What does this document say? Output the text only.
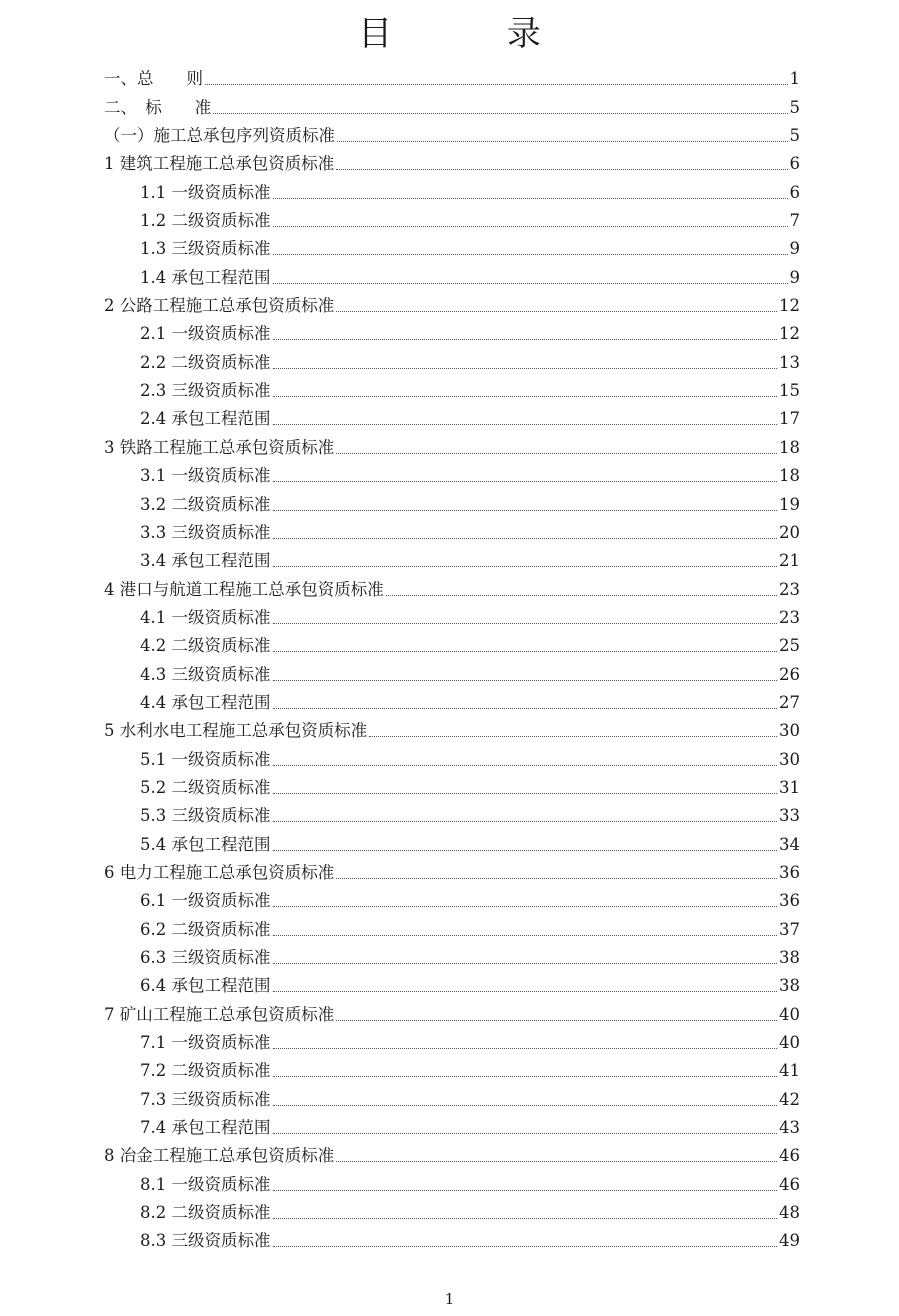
目 录
一、总　　则	1
二、　标　　准	5
（一）施工总承包序列资质标准	5
1 建筑工程施工总承包资质标准	6
1.1 一级资质标准	6
1.2 二级资质标准	7
1.3 三级资质标准	9
1.4 承包工程范围	9
2 公路工程施工总承包资质标准	12
2.1 一级资质标准	12
2.2 二级资质标准	13
2.3 三级资质标准	15
2.4 承包工程范围	17
3 铁路工程施工总承包资质标准	18
3.1 一级资质标准	18
3.2 二级资质标准	19
3.3 三级资质标准	20
3.4 承包工程范围	21
4 港口与航道工程施工总承包资质标准	23
4.1 一级资质标准	23
4.2 二级资质标准	25
4.3 三级资质标准	26
4.4 承包工程范围	27
5 水利水电工程施工总承包资质标准	30
5.1 一级资质标准	30
5.2 二级资质标准	31
5.3 三级资质标准	33
5.4 承包工程范围	34
6 电力工程施工总承包资质标准	36
6.1 一级资质标准	36
6.2 二级资质标准	37
6.3 三级资质标准	38
6.4 承包工程范围	38
7 矿山工程施工总承包资质标准	40
7.1 一级资质标准	40
7.2 二级资质标准	41
7.3 三级资质标准	42
7.4 承包工程范围	43
8 冶金工程施工总承包资质标准	46
8.1 一级资质标准	46
8.2 二级资质标准	48
8.3 三级资质标准	49
1
